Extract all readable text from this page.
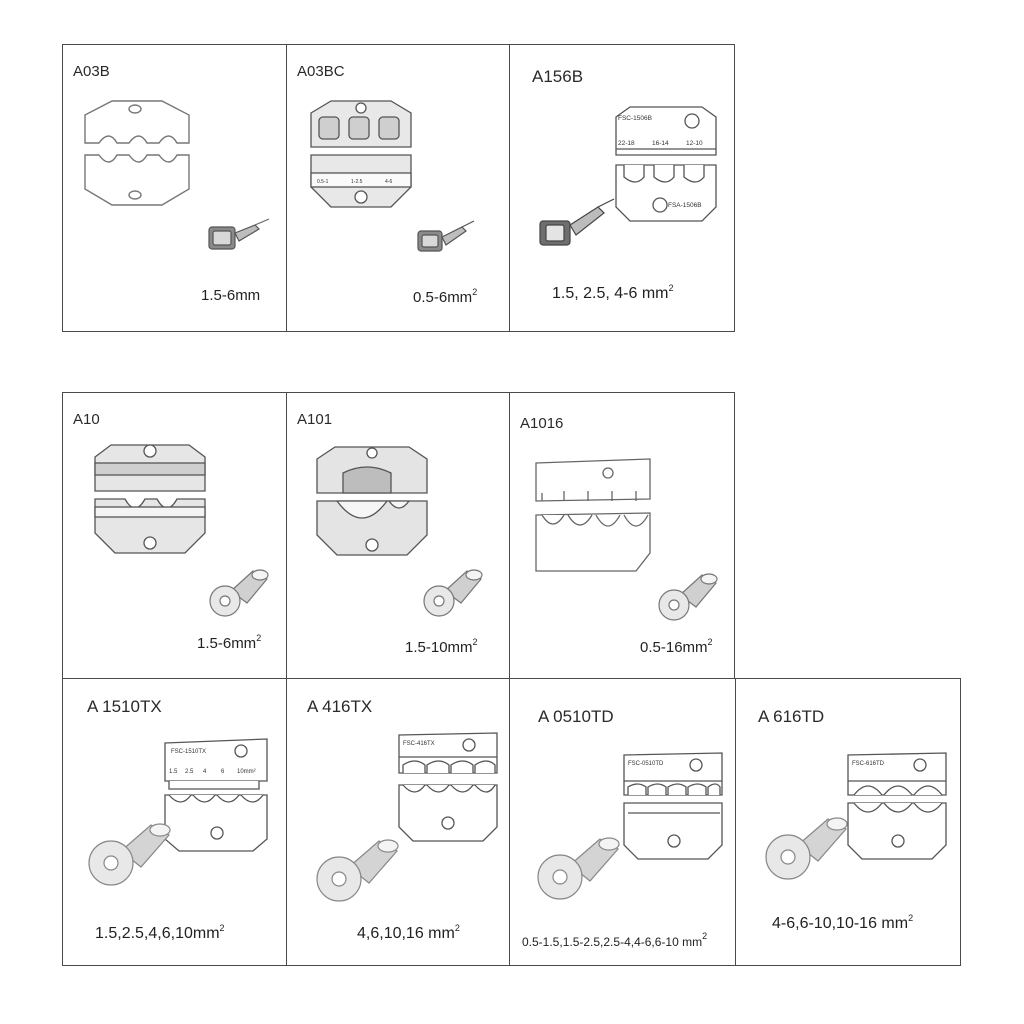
A03B
1.5-6mm
A03BC
0.5-1	1-2.5	4-6
$0.5-6mm^2$
A156B
FSC-1506B
FSA-1506B
22-18	16-14	12-10
1.5, 2.5, 4-6 $mm^2$
A10
$1.5-6mm^2$
A101
$1.5-10mm^2$
A1016
$0.5-16mm^2$
A 1510TX
FSC-1510TX
1.5 2.5 4 6 10mm²
$1.5,2.5,4,6,10mm^2$
A 416TX
FSC-416TX
4,6,10,16 $mm^2$
A 0510TD
FSC-0510TD
0.5-1.5,1.5-2.5,2.5-4,4-6,6-10 $mm^2$
A 616TD
FSC-616TD
4-6,6-10,10-16 $mm^2$
